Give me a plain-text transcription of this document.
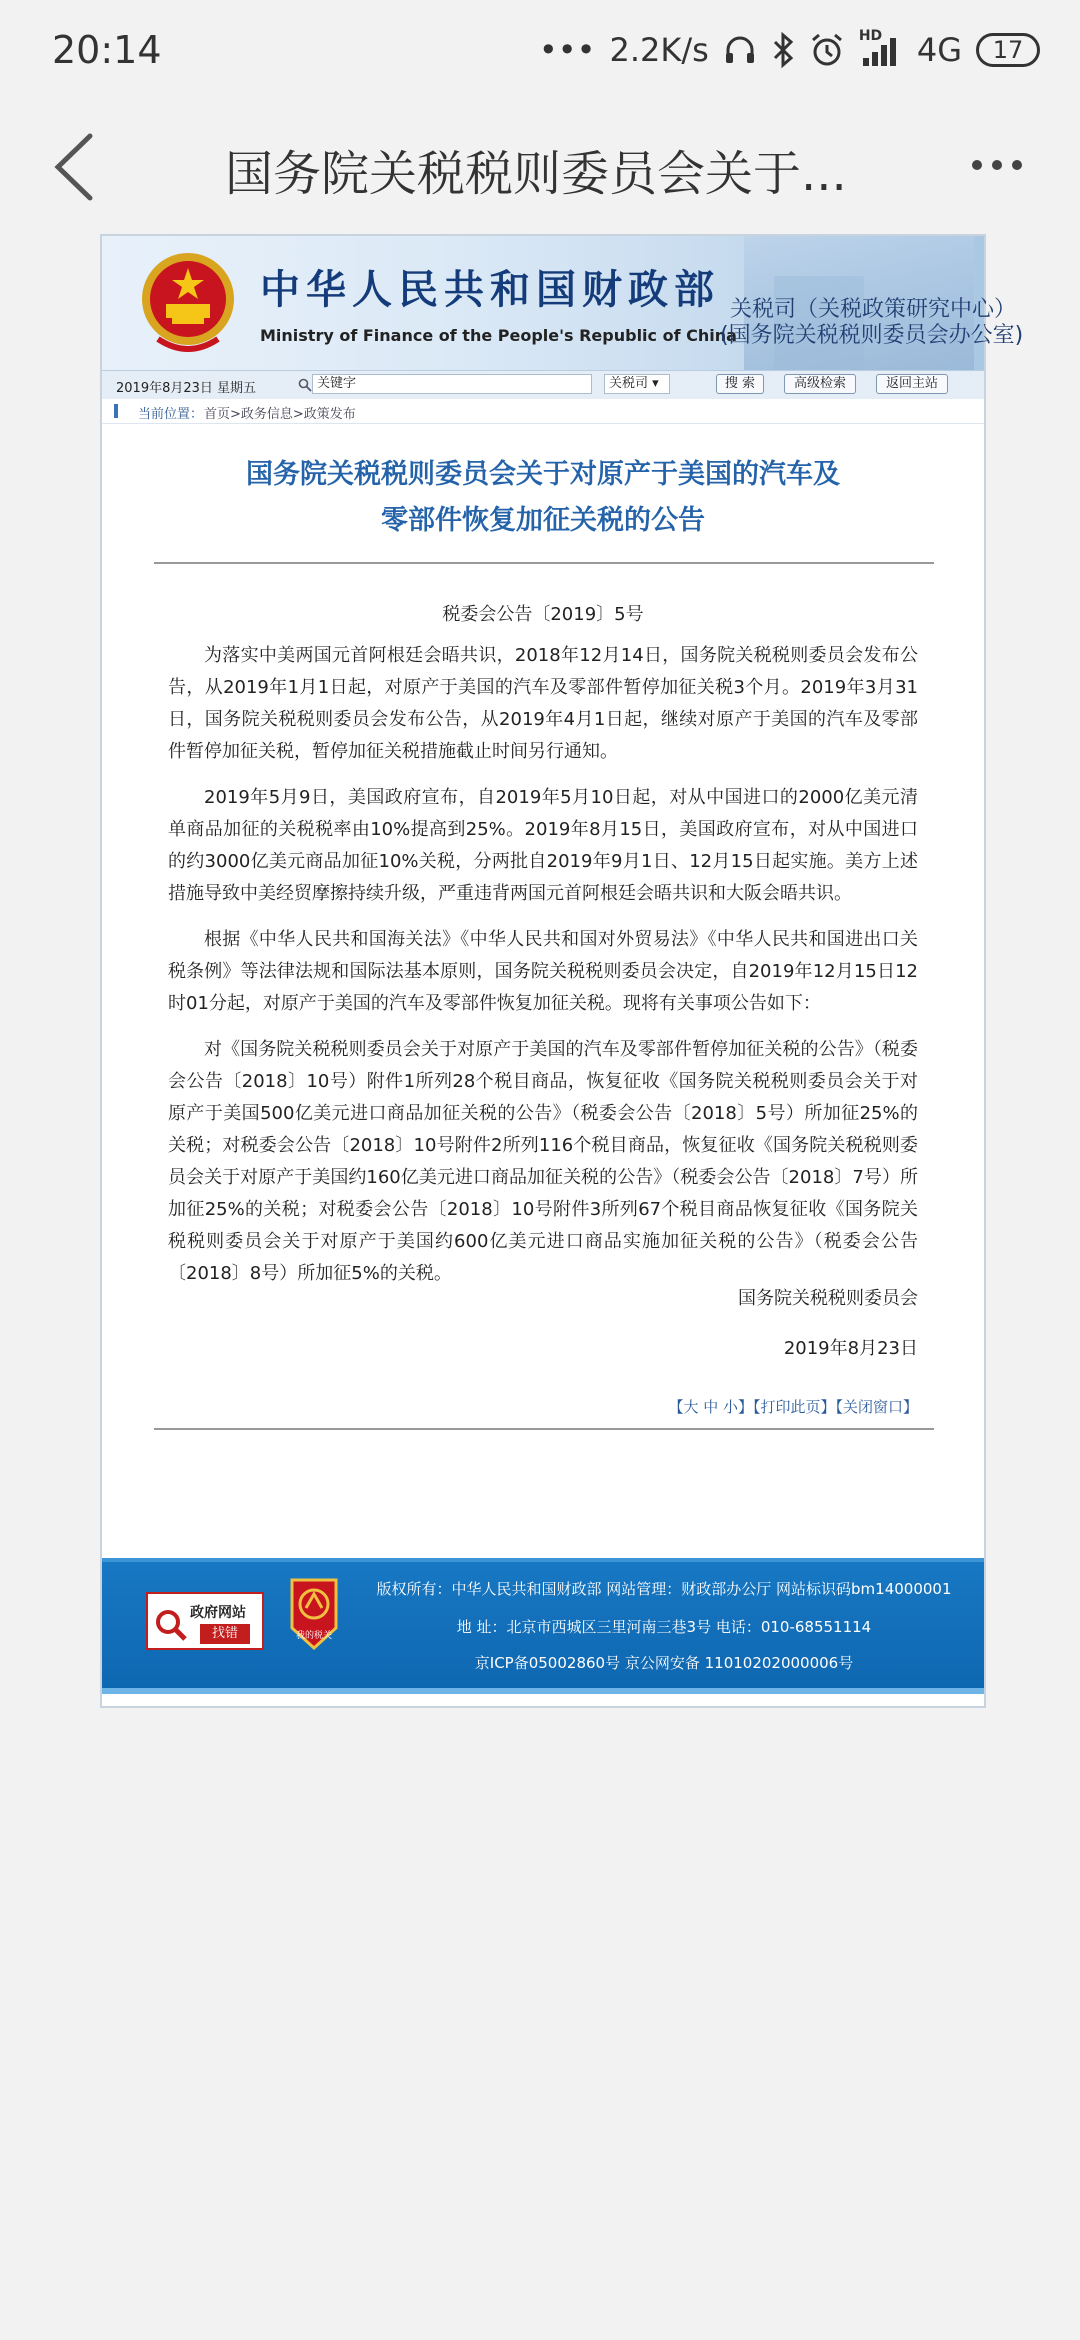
20:14	••• 2.2K/s	HD 4G 17
国务院关税税则委员会关于...
中华人民共和国财政部
Ministry of Finance of the People's Republic of China
关税司（关税政策研究中心）
(国务院关税税则委员会办公室)
2019年8月23日 星期五	关键字	关税司 ▾	搜 索	高级检索	返回主站
当前位置： 首页>政务信息>政策发布
国务院关税税则委员会关于对原产于美国的汽车及
零部件恢复加征关税的公告
税委会公告〔2019〕5号
为落实中美两国元首阿根廷会晤共识，2018年12月14日，国务院关税税则委员会发布公告，从2019年1月1日起，对原产于美国的汽车及零部件暂停加征关税3个月。2019年3月31日，国务院关税税则委员会发布公告，从2019年4月1日起，继续对原产于美国的汽车及零部件暂停加征关税，暂停加征关税措施截止时间另行通知。
2019年5月9日，美国政府宣布，自2019年5月10日起，对从中国进口的2000亿美元清单商品加征的关税税率由10%提高到25%。2019年8月15日，美国政府宣布，对从中国进口的约3000亿美元商品加征10%关税，分两批自2019年9月1日、12月15日起实施。美方上述措施导致中美经贸摩擦持续升级，严重违背两国元首阿根廷会晤共识和大阪会晤共识。
根据《中华人民共和国海关法》《中华人民共和国对外贸易法》《中华人民共和国进出口关税条例》等法律法规和国际法基本原则，国务院关税税则委员会决定，自2019年12月15日12时01分起，对原产于美国的汽车及零部件恢复加征关税。现将有关事项公告如下：
对《国务院关税税则委员会关于对原产于美国的汽车及零部件暂停加征关税的公告》（税委会公告〔2018〕10号）附件1所列28个税目商品，恢复征收《国务院关税税则委员会关于对原产于美国500亿美元进口商品加征关税的公告》（税委会公告〔2018〕5号）所加征25%的关税；对税委会公告〔2018〕10号附件2所列116个税目商品，恢复征收《国务院关税税则委员会关于对原产于美国约160亿美元进口商品加征关税的公告》（税委会公告〔2018〕7号）所加征25%的关税；对税委会公告〔2018〕10号附件3所列67个税目商品恢复征收《国务院关税税则委员会关于对原产于美国约600亿美元进口商品实施加征关税的公告》（税委会公告〔2018〕8号）所加征5%的关税。
国务院关税税则委员会
2019年8月23日
【大 中 小】【打印此页】【关闭窗口】
政府网站
找错	我的税关
版权所有：中华人民共和国财政部 网站管理：财政部办公厅 网站标识码bm14000001
地 址：北京市西城区三里河南三巷3号 电话：010-68551114
京ICP备05002860号 京公网安备 11010202000006号
